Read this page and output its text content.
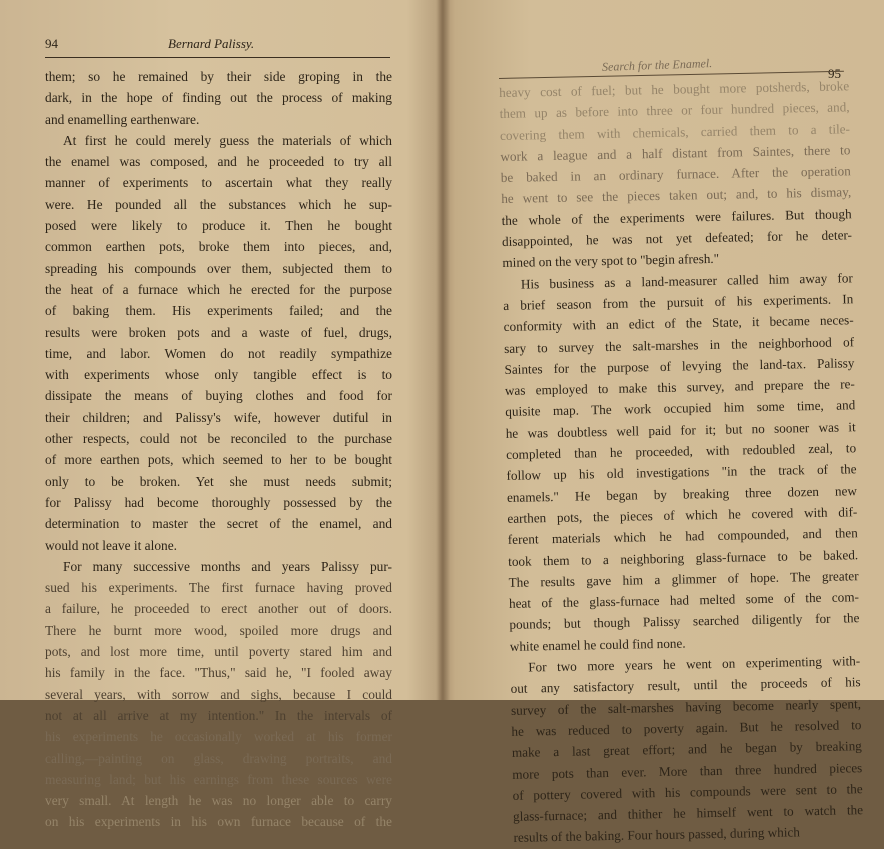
94	Bernard Palissy.
them; so he remained by their side groping in the
dark, in the hope of finding out the process of making
and enamelling earthenware.
At first he could merely guess the materials of which
the enamel was composed, and he proceeded to try all
manner of experiments to ascertain what they really
were. He pounded all the substances which he sup-
posed were likely to produce it. Then he bought
common earthen pots, broke them into pieces, and,
spreading his compounds over them, subjected them to
the heat of a furnace which he erected for the purpose
of baking them. His experiments failed; and the
results were broken pots and a waste of fuel, drugs,
time, and labor. Women do not readily sympathize
with experiments whose only tangible effect is to
dissipate the means of buying clothes and food for
their children; and Palissy's wife, however dutiful in
other respects, could not be reconciled to the purchase
of more earthen pots, which seemed to her to be bought
only to be broken. Yet she must needs submit;
for Palissy had become thoroughly possessed by the
determination to master the secret of the enamel, and
would not leave it alone.
For many successive months and years Palissy pur-
sued his experiments. The first furnace having proved
a failure, he proceeded to erect another out of doors.
There he burnt more wood, spoiled more drugs and
pots, and lost more time, until poverty stared him and
his family in the face. "Thus," said he, "I fooled away
several years, with sorrow and sighs, because I could
not at all arrive at my intention." In the intervals of
his experiments he occasionally worked at his former
calling,—painting on glass, drawing portraits, and
measuring land; but his earnings from these sources were
very small. At length he was no longer able to carry
on his experiments in his own furnace because of the
Search for the Enamel.	95
heavy cost of fuel; but he bought more potsherds, broke
them up as before into three or four hundred pieces, and,
covering them with chemicals, carried them to a tile-
work a league and a half distant from Saintes, there to
be baked in an ordinary furnace. After the operation
he went to see the pieces taken out; and, to his dismay,
the whole of the experiments were failures. But though
disappointed, he was not yet defeated; for he deter-
mined on the very spot to "begin afresh."
His business as a land-measurer called him away for
a brief season from the pursuit of his experiments. In
conformity with an edict of the State, it became neces-
sary to survey the salt-marshes in the neighborhood of
Saintes for the purpose of levying the land-tax. Palissy
was employed to make this survey, and prepare the re-
quisite map. The work occupied him some time, and
he was doubtless well paid for it; but no sooner was it
completed than he proceeded, with redoubled zeal, to
follow up his old investigations "in the track of the
enamels." He began by breaking three dozen new
earthen pots, the pieces of which he covered with dif-
ferent materials which he had compounded, and then
took them to a neighboring glass-furnace to be baked.
The results gave him a glimmer of hope. The greater
heat of the glass-furnace had melted some of the com-
pounds; but though Palissy searched diligently for the
white enamel he could find none.
For two more years he went on experimenting with-
out any satisfactory result, until the proceeds of his
survey of the salt-marshes having become nearly spent,
he was reduced to poverty again. But he resolved to
make a last great effort; and he began by breaking
more pots than ever. More than three hundred pieces
of pottery covered with his compounds were sent to the
glass-furnace; and thither he himself went to watch the
results of the baking. Four hours passed, during which
